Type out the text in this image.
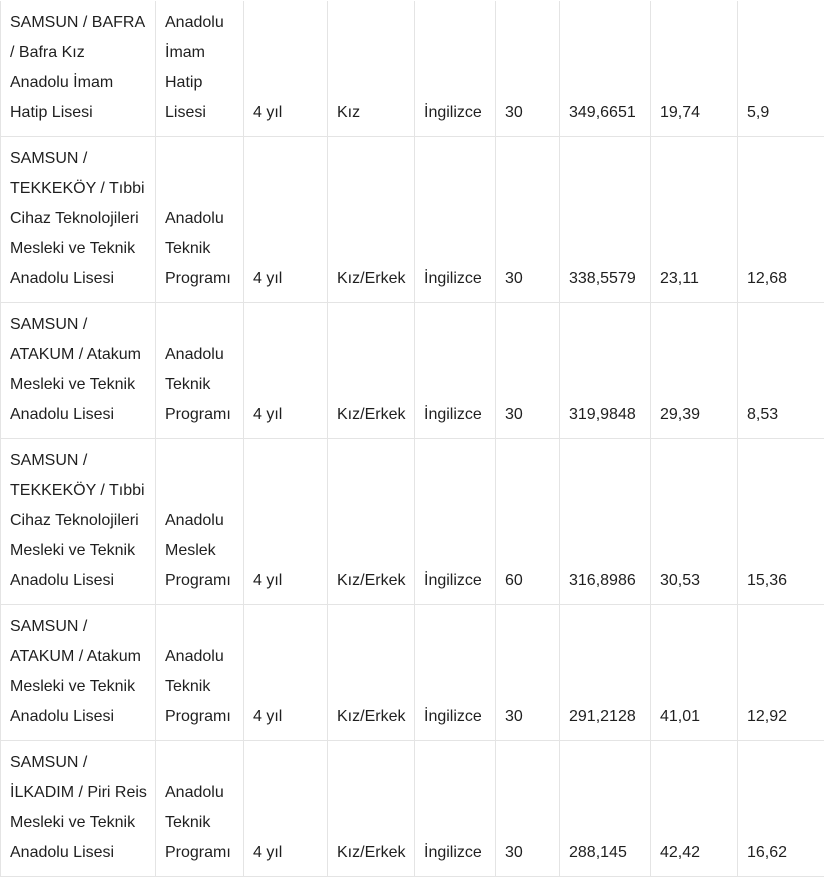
SAMSUN / BAFRA
/ Bafra Kız
Anadolu İmam
Hatip Lisesi	Anadolu
İmam
Hatip
Lisesi	4 yıl	Kız	İngilizce	30	349,6651	19,74	5,9
SAMSUN /
TEKKEKÖY / Tıbbi
Cihaz Teknolojileri
Mesleki ve Teknik
Anadolu Lisesi	Anadolu
Teknik
Programı	4 yıl	Kız/Erkek	İngilizce	30	338,5579	23,11	12,68
SAMSUN /
ATAKUM / Atakum
Mesleki ve Teknik
Anadolu Lisesi	Anadolu
Teknik
Programı	4 yıl	Kız/Erkek	İngilizce	30	319,9848	29,39	8,53
SAMSUN /
TEKKEKÖY / Tıbbi
Cihaz Teknolojileri
Mesleki ve Teknik
Anadolu Lisesi	Anadolu
Meslek
Programı	4 yıl	Kız/Erkek	İngilizce	60	316,8986	30,53	15,36
SAMSUN /
ATAKUM / Atakum
Mesleki ve Teknik
Anadolu Lisesi	Anadolu
Teknik
Programı	4 yıl	Kız/Erkek	İngilizce	30	291,2128	41,01	12,92
SAMSUN /
İLKADIM / Piri Reis
Mesleki ve Teknik
Anadolu Lisesi	Anadolu
Teknik
Programı	4 yıl	Kız/Erkek	İngilizce	30	288,145	42,42	16,62
